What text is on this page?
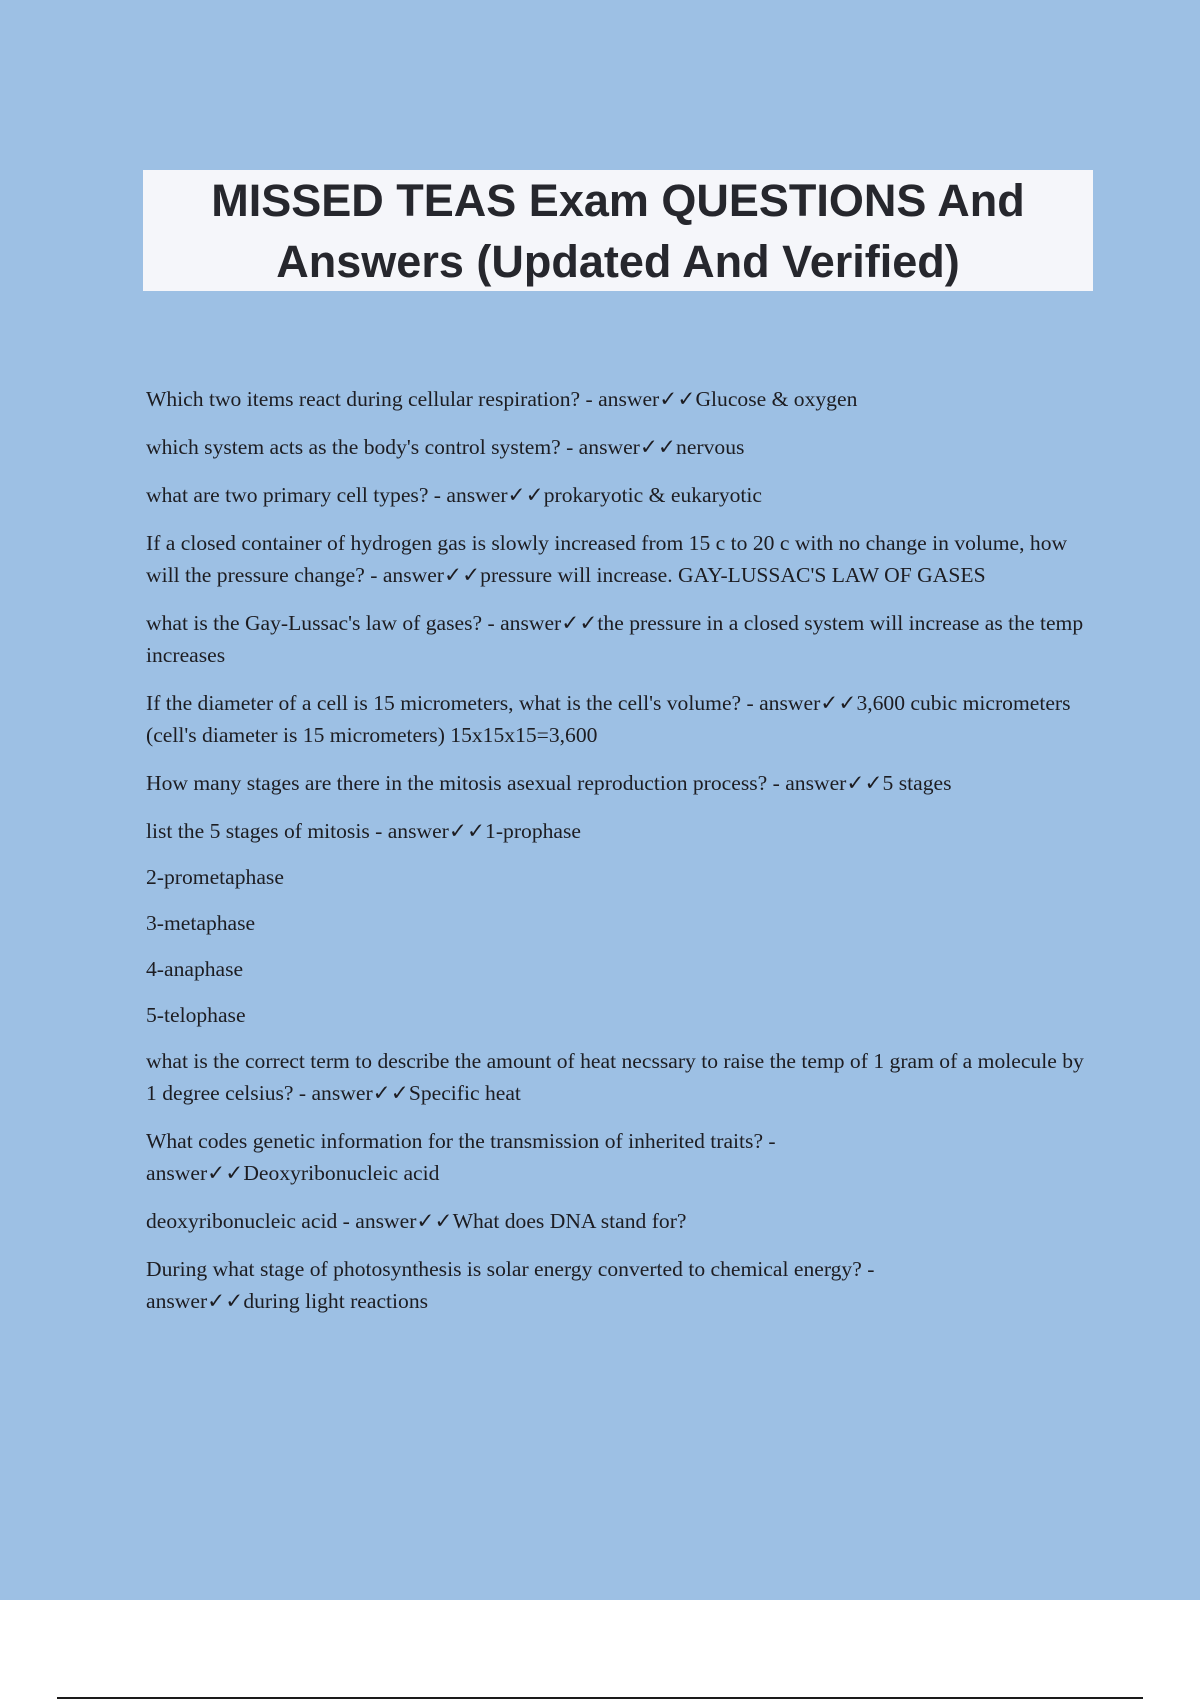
MISSED TEAS Exam QUESTIONS And Answers (Updated And Verified)
Which two items react during cellular respiration? - answer✓✓Glucose & oxygen
which system acts as the body's control system? - answer✓✓nervous
what are two primary cell types? - answer✓✓prokaryotic & eukaryotic
If a closed container of hydrogen gas is slowly increased from 15 c to 20 c with no change in volume, how will the pressure change? - answer✓✓pressure will increase. GAY-LUSSAC'S LAW OF GASES
what is the Gay-Lussac's law of gases? - answer✓✓the pressure in a closed system will increase as the temp increases
If the diameter of a cell is 15 micrometers, what is the cell's volume? - answer✓✓3,600 cubic micrometers (cell's diameter is 15 micrometers) 15x15x15=3,600
How many stages are there in the mitosis asexual reproduction process? - answer✓✓5 stages
list the 5 stages of mitosis - answer✓✓1-prophase
2-prometaphase
3-metaphase
4-anaphase
5-telophase
what is the correct term to describe the amount of heat necssary to raise the temp of 1 gram of a molecule by 1 degree celsius? - answer✓✓Specific heat
What codes genetic information for the transmission of inherited traits? -
answer✓✓Deoxyribonucleic acid
deoxyribonucleic acid - answer✓✓What does DNA stand for?
During what stage of photosynthesis is solar energy converted to chemical energy? -
answer✓✓during light reactions
